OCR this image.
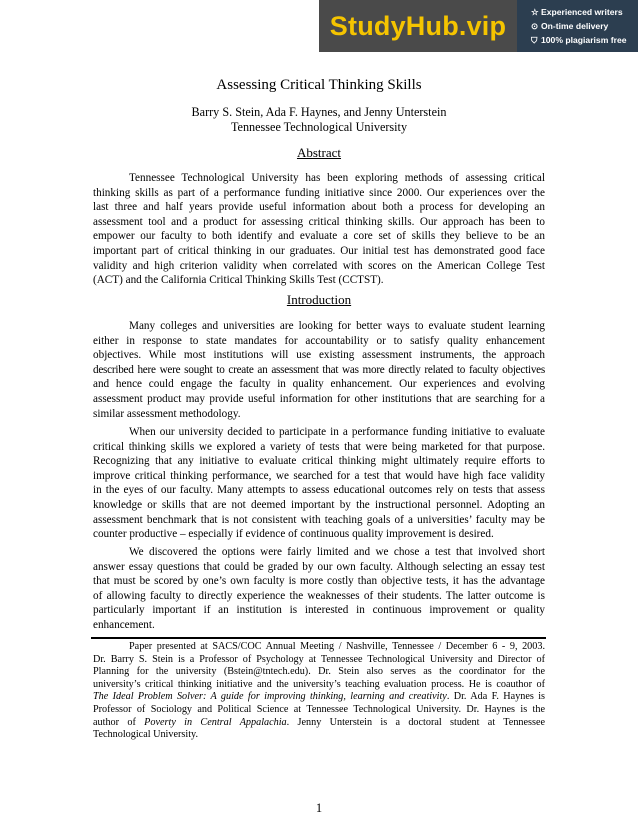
StudyHub.vip	☆ Experienced writers
⊙ On-time delivery
⛉ 100% plagiarism free
Assessing Critical Thinking Skills
Barry S. Stein, Ada F. Haynes, and Jenny Unterstein
Tennessee Technological University
Abstract
Tennessee Technological University has been exploring methods of assessing critical
thinking skills as part of a performance funding initiative since 2000. Our experiences over the
last three and half years provide useful information about both a process for developing an
assessment tool and a product for assessing critical thinking skills. Our approach has been to
empower our faculty to both identify and evaluate a core set of skills they believe to be an
important part of critical thinking in our graduates. Our initial test has demonstrated good face
validity and high criterion validity when correlated with scores on the American College Test
(ACT) and the California Critical Thinking Skills Test (CCTST).
Introduction
Many colleges and universities are looking for better ways to evaluate student learning
either in response to state mandates for accountability or to satisfy quality enhancement
objectives. While most institutions will use existing assessment instruments, the approach
described here were sought to create an assessment that was more directly related to faculty objectives
and hence could engage the faculty in quality enhancement. Our experiences and evolving
assessment product may provide useful information for other institutions that are searching for a
similar assessment methodology.
When our university decided to participate in a performance funding initiative to evaluate
critical thinking skills we explored a variety of tests that were being marketed for that purpose.
Recognizing that any initiative to evaluate critical thinking might ultimately require efforts to
improve critical thinking performance, we searched for a test that would have high face validity
in the eyes of our faculty. Many attempts to assess educational outcomes rely on tests that assess
knowledge or skills that are not deemed important by the instructional personnel. Adopting an
assessment benchmark that is not consistent with teaching goals of a universities’ faculty may be
counter productive – especially if evidence of continuous quality improvement is desired.
We discovered the options were fairly limited and we chose a test that involved short
answer essay questions that could be graded by our own faculty. Although selecting an essay test
that must be scored by one’s own faculty is more costly than objective tests, it has the advantage
of allowing faculty to directly experience the weaknesses of their students. The latter outcome is
particularly important if an institution is interested in continuous improvement or quality
enhancement.
Paper presented at SACS/COC Annual Meeting / Nashville, Tennessee / December 6 - 9, 2003.
Dr. Barry S. Stein is a Professor of Psychology at Tennessee Technological University and Director of
Planning for the university (Bstein@tntech.edu). Dr. Stein also serves as the coordinator for the
university’s critical thinking initiative and the university’s teaching evaluation process. He is coauthor of
The Ideal Problem Solver: A guide for improving thinking, learning and creativity. Dr. Ada F. Haynes is
Professor of Sociology and Political Science at Tennessee Technological University. Dr. Haynes is the
author of Poverty in Central Appalachia. Jenny Unterstein is a doctoral student at Tennessee
Technological University.
1
